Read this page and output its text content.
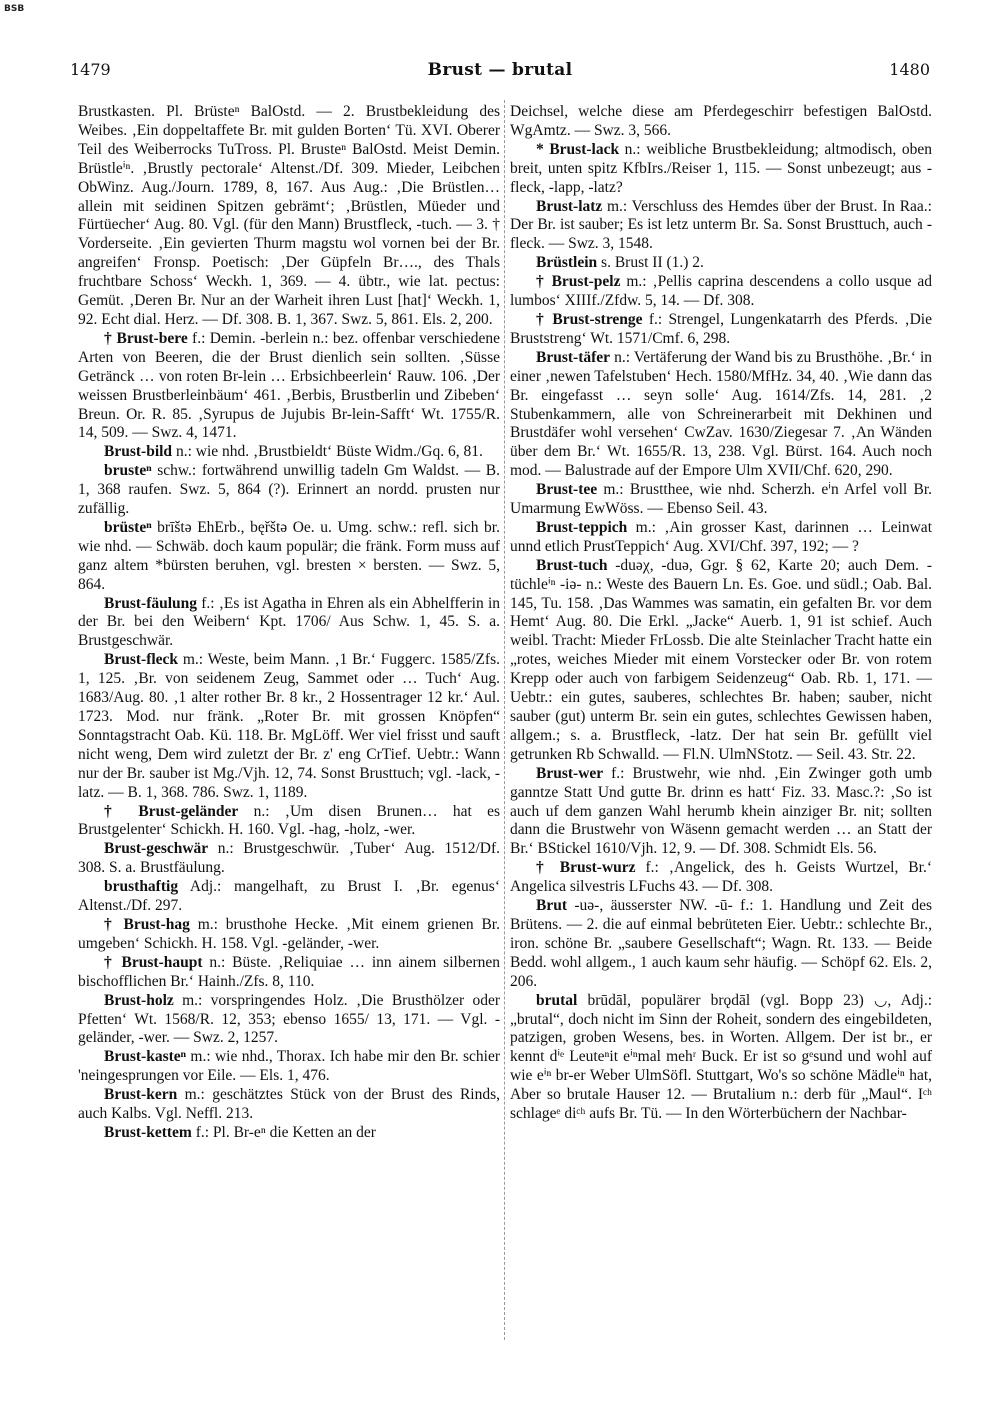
BSB
1479	Brust — brutal	1480

Brustkasten. Pl. Brüsteⁿ BalOstd. — 2. Brustbekleidung des Weibes. ‚Ein doppeltaffete Br. mit gulden Borten‘ Tü. XVI. Oberer Teil des Weiberrocks TuTross. Pl. Brusteⁿ BalOstd. Meist Demin. Brüstleⁱⁿ. ‚Brustly pectorale‘ Altenst./Df. 309. Mieder, Leibchen ObWinz. Aug./Journ. 1789, 8, 167. Aus Aug.: ‚Die Brüstlen… allein mit seidinen Spitzen gebrämt‘; ‚Brüstlen, Müeder und Fürtüecher‘ Aug. 80. Vgl. (für den Mann) Brustfleck, -tuch. — 3. † Vorderseite. ‚Ein gevierten Thurm magstu wol vornen bei der Br. angreifen‘ Fronsp. Poetisch: ‚Der Güpfeln Br…., des Thals fruchtbare Schoss‘ Weckh. 1, 369. — 4. übtr., wie lat. pectus: Gemüt. ‚Deren Br. Nur an der Warheit ihren Lust [hat]‘ Weckh. 1, 92. Echt dial. Herz. — Df. 308. B. 1, 367. Swz. 5, 861. Els. 2, 200.

† Brust-bere f.: Demin. -berlein n.: bez. offenbar verschiedene Arten von Beeren, die der Brust dienlich sein sollten. ‚Süsse Getränck … von roten Br-lein … Erbsichbeerlein‘ Rauw. 106. ‚Der weissen Brustberleinbäum‘ 461. ‚Berbis, Brustberlin und Zibeben‘ Breun. Or. R. 85. ‚Syrupus de Jujubis Br-lein-Safft‘ Wt. 1755/R. 14, 509. — Swz. 4, 1471.

Brust-bild n.: wie nhd. ‚Brustbieldt‘ Büste Widm./Gq. 6, 81.

brusteⁿ schw.: fortwährend unwillig tadeln Gm Waldst. — B. 1, 368 raufen. Swz. 5, 864 (?). Erinnert an nordd. prusten nur zufällig.

brüsteⁿ brīštə EhErb., bęřštə Oe. u. Umg. schw.: refl. sich br. wie nhd. — Schwäb. doch kaum populär; die fränk. Form muss auf ganz altem *bürsten beruhen, vgl. bresten × bersten. — Swz. 5, 864.

Brust-fäulung f.: ‚Es ist Agatha in Ehren als ein Abhelfferin in der Br. bei den Weibern‘ Kpt. 1706/ Aus Schw. 1, 45. S. a. Brustgeschwär.

Brust-fleck m.: Weste, beim Mann. ‚1 Br.‘ Fuggerc. 1585/Zfs. 1, 125. ‚Br. von seidenem Zeug, Sammet oder … Tuch‘ Aug. 1683/Aug. 80. ‚1 alter rother Br. 8 kr., 2 Hossentrager 12 kr.‘ Aul. 1723. Mod. nur fränk. „Roter Br. mit grossen Knöpfen“ Sonntagstracht Oab. Kü. 118. Br. MgLöff. Wer viel frisst und sauft nicht weng, Dem wird zuletzt der Br. z' eng CrTief. Uebtr.: Wann nur der Br. sauber ist Mg./Vjh. 12, 74. Sonst Brusttuch; vgl. -lack, -latz. — B. 1, 368. 786. Swz. 1, 1189.

† Brust-geländer n.: ‚Um disen Brunen… hat es Brustgelenter‘ Schickh. H. 160. Vgl. -hag, -holz, -wer.

Brust-geschwär n.: Brustgeschwür. ‚Tuber‘ Aug. 1512/Df. 308. S. a. Brustfäulung.

brusthaftig Adj.: mangelhaft, zu Brust I. ‚Br. egenus‘ Altenst./Df. 297.

† Brust-hag m.: brusthohe Hecke. ‚Mit einem grienen Br. umgeben‘ Schickh. H. 158. Vgl. -geländer, -wer.

† Brust-haupt n.: Büste. ‚Reliquiae … inn ainem silbernen bischofflichen Br.‘ Hainh./Zfs. 8, 110.

Brust-holz m.: vorspringendes Holz. ‚Die Brusthölzer oder Pfetten‘ Wt. 1568/R. 12, 353; ebenso 1655/ 13, 171. — Vgl. -geländer, -wer. — Swz. 2, 1257.

Brust-kasteⁿ m.: wie nhd., Thorax. Ich habe mir den Br. schier 'neingesprungen vor Eile. — Els. 1, 476.

Brust-kern m.: geschätztes Stück von der Brust des Rinds, auch Kalbs. Vgl. Neffl. 213.

Brust-kettem f.: Pl. Br-eⁿ die Ketten an der

Deichsel, welche diese am Pferdegeschirr befestigen BalOstd. WgAmtz. — Swz. 3, 566.

* Brust-lack n.: weibliche Brustbekleidung; altmodisch, oben breit, unten spitz KfbIrs./Reiser 1, 115. — Sonst unbezeugt; aus -fleck, -lapp, -latz?

Brust-latz m.: Verschluss des Hemdes über der Brust. In Raa.: Der Br. ist sauber; Es ist letz unterm Br. Sa. Sonst Brusttuch, auch -fleck. — Swz. 3, 1548.

Brüstlein s. Brust II (1.) 2.

† Brust-pelz m.: ‚Pellis caprina descendens a collo usque ad lumbos‘ XIIIf./Zfdw. 5, 14. — Df. 308.

† Brust-strenge f.: Strengel, Lungenkatarrh des Pferds. ‚Die Bruststreng‘ Wt. 1571/Cmf. 6, 298.

Brust-täfer n.: Vertäferung der Wand bis zu Brusthöhe. ‚Br.‘ in einer ‚newen Tafelstuben‘ Hech. 1580/MfHz. 34, 40. ‚Wie dann das Br. eingefasst … seyn solle‘ Aug. 1614/Zfs. 14, 281. ‚2 Stubenkammern, alle von Schreinerarbeit mit Dekhinen und Brustdäfer wohl versehen‘ CwZav. 1630/Ziegesar 7. ‚An Wänden über dem Br.‘ Wt. 1655/R. 13, 238. Vgl. Bürst. 164. Auch noch mod. — Balustrade auf der Empore Ulm XVII/Chf. 620, 290.

Brust-tee m.: Brustthee, wie nhd. Scherzh. eⁱn Arfel voll Br. Umarmung EwWöss. — Ebenso Seil. 43.

Brust-teppich m.: ‚Ain grosser Kast, darinnen … Leinwat unnd etlich PrustTeppich‘ Aug. XVI/Chf. 397, 192; — ?

Brust-tuch -duəχ, -duə, Ggr. § 62, Karte 20; auch Dem. -tüchleⁱⁿ -iə- n.: Weste des Bauern Ln. Es. Goe. und südl.; Oab. Bal. 145, Tu. 158. ‚Das Wammes was samatin, ein gefalten Br. vor dem Hemt‘ Aug. 80. Die Erkl. „Jacke“ Auerb. 1, 91 ist schief. Auch weibl. Tracht: Mieder FrLossb. Die alte Steinlacher Tracht hatte ein „rotes, weiches Mieder mit einem Vorstecker oder Br. von rotem Krepp oder auch von farbigem Seidenzeug“ Oab. Rb. 1, 171. — Uebtr.: ein gutes, sauberes, schlechtes Br. haben; sauber, nicht sauber (gut) unterm Br. sein ein gutes, schlechtes Gewissen haben, allgem.; s. a. Brustfleck, -latz. Der hat sein Br. gefüllt viel getrunken Rb Schwalld. — Fl.N. UlmNStotz. — Seil. 43. Str. 22.

Brust-wer f.: Brustwehr, wie nhd. ‚Ein Zwinger goth umb ganntze Statt Und gutte Br. drinn es hatt‘ Fiz. 33. Masc.?: ‚So ist auch uf dem ganzen Wahl herumb khein ainziger Br. nit; sollten dann die Brustwehr von Wäsenn gemacht werden … an Statt der Br.‘ BStickel 1610/Vjh. 12, 9. — Df. 308. Schmidt Els. 56.

† Brust-wurz f.: ‚Angelick, des h. Geists Wurtzel, Br.‘ Angelica silvestris LFuchs 43. — Df. 308.

Brut -uə-, äusserster NW. -ū- f.: 1. Handlung und Zeit des Brütens. — 2. die auf einmal bebrüteten Eier. Uebtr.: schlechte Br., iron. schöne Br. „saubere Gesellschaft“; Wagn. Rt. 133. — Beide Bedd. wohl allgem., 1 auch kaum sehr häufig. — Schöpf 62. Els. 2, 206.

brutal brūdāl, populärer brǫdāl (vgl. Bopp 23) ◡, Adj.: „brutal“, doch nicht im Sinn der Roheit, sondern des eingebildeten, patzigen, groben Wesens, bes. in Worten. Allgem. Der ist br., er kennt dⁱᵉ Leuteⁿit eⁱⁿmal mehʳ Buck. Er ist so gᵉsund und wohl auf wie eⁱⁿ br-er Weber UlmSöfl. Stuttgart, Wo's so schöne Mädleⁱⁿ hat, Aber so brutale Hauser 12. — Brutalium n.: derb für „Maul“. Iᶜʰ schlageᵉ diᶜʰ aufs Br. Tü. — In den Wörterbüchern der Nachbar-
